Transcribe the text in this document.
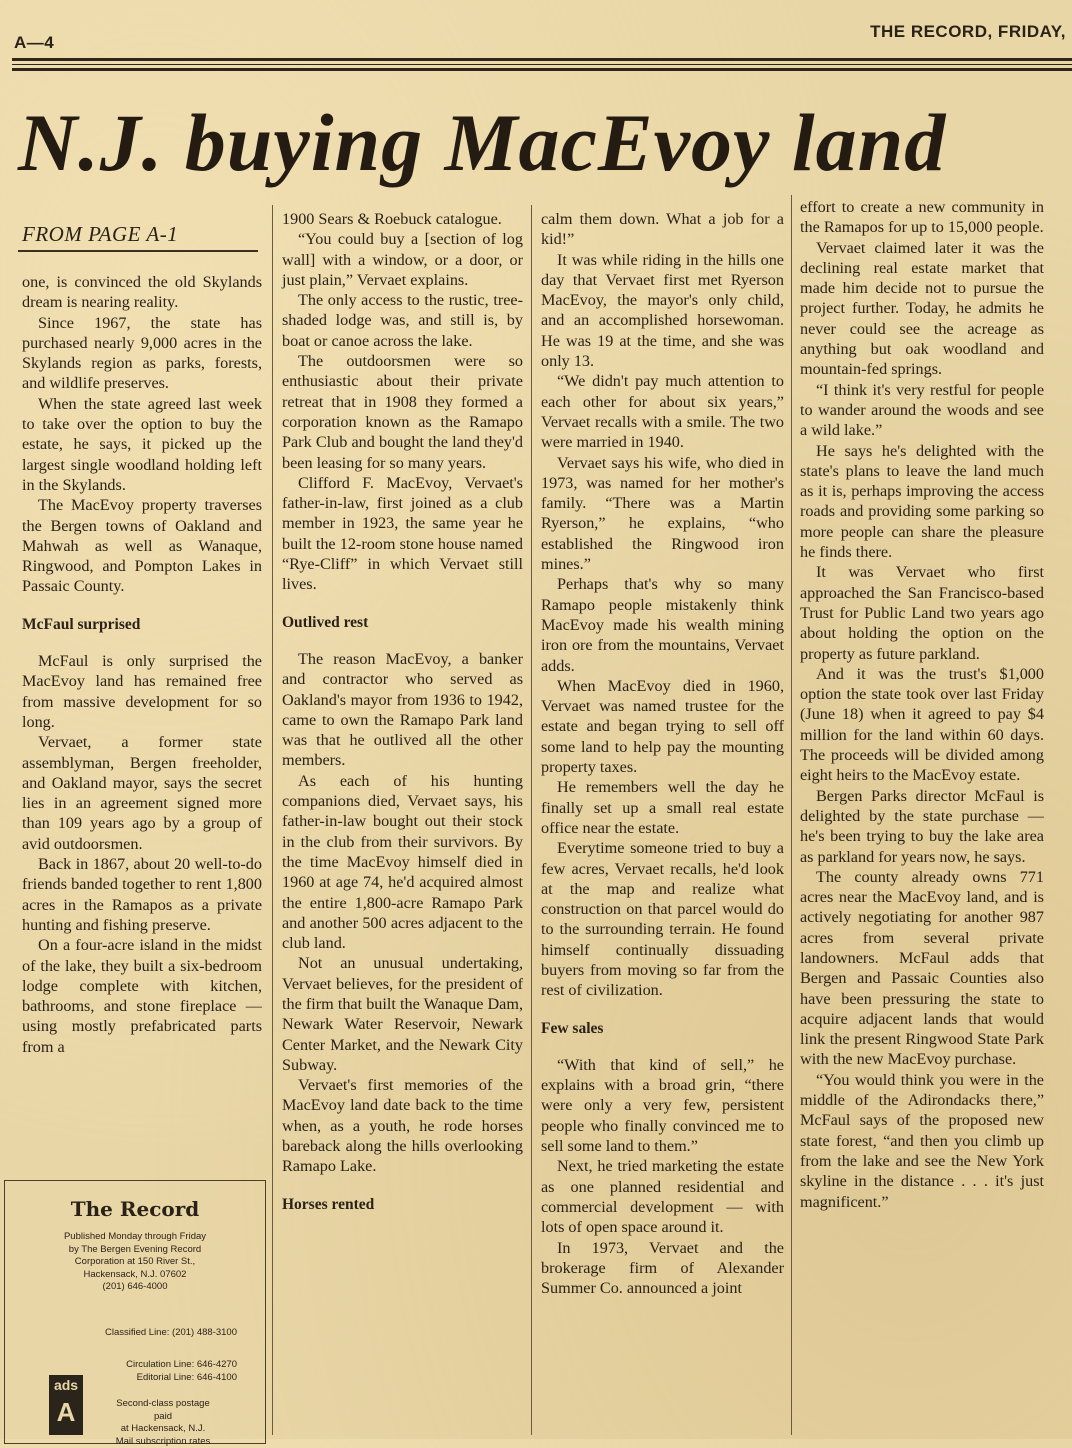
A—4
THE RECORD, FRIDAY,
N.J. buying MacEvoy land
FROM PAGE A-1

one, is convinced the old Skylands dream is nearing reality.

Since 1967, the state has purchased nearly 9,000 acres in the Skylands region as parks, forests, and wildlife preserves.

When the state agreed last week to take over the option to buy the estate, he says, it picked up the largest single woodland holding left in the Skylands.

The MacEvoy property traverses the Bergen towns of Oakland and Mahwah as well as Wanaque, Ringwood, and Pompton Lakes in Passaic County.

McFaul surprised

McFaul is only surprised the MacEvoy land has remained free from massive development for so long.

Vervaet, a former state assemblyman, Bergen freeholder, and Oakland mayor, says the secret lies in an agreement signed more than 109 years ago by a group of avid outdoorsmen.

Back in 1867, about 20 well-to-do friends banded together to rent 1,800 acres in the Ramapos as a private hunting and fishing preserve.

On a four-acre island in the midst of the lake, they built a six-bedroom lodge complete with kitchen, bathrooms, and stone fireplace — using mostly prefabricated parts from a

1900 Sears & Roebuck catalogue.

“You could buy a [section of log wall] with a window, or a door, or just plain,” Vervaet explains.

The only access to the rustic, tree-shaded lodge was, and still is, by boat or canoe across the lake.

The outdoorsmen were so enthusiastic about their private retreat that in 1908 they formed a corporation known as the Ramapo Park Club and bought the land they'd been leasing for so many years.

Clifford F. MacEvoy, Vervaet's father-in-law, first joined as a club member in 1923, the same year he built the 12-room stone house named “Rye-Cliff” in which Vervaet still lives.

Outlived rest

The reason MacEvoy, a banker and contractor who served as Oakland's mayor from 1936 to 1942, came to own the Ramapo Park land was that he outlived all the other members.

As each of his hunting companions died, Vervaet says, his father-in-law bought out their stock in the club from their survivors. By the time MacEvoy himself died in 1960 at age 74, he'd acquired almost the entire 1,800-acre Ramapo Park and another 500 acres adjacent to the club land.

Not an unusual undertaking, Vervaet believes, for the president of the firm that built the Wanaque Dam, Newark Water Reservoir, Newark Center Market, and the Newark City Subway.

Vervaet's first memories of the MacEvoy land date back to the time when, as a youth, he rode horses bareback along the hills overlooking Ramapo Lake.

Horses rented

calm them down. What a job for a kid!”

It was while riding in the hills one day that Vervaet first met Ryerson MacEvoy, the mayor's only child, and an accomplished horsewoman. He was 19 at the time, and she was only 13.

“We didn't pay much attention to each other for about six years,” Vervaet recalls with a smile. The two were married in 1940.

Vervaet says his wife, who died in 1973, was named for her mother's family. “There was a Martin Ryerson,” he explains, “who established the Ringwood iron mines.”

Perhaps that's why so many Ramapo people mistakenly think MacEvoy made his wealth mining iron ore from the mountains, Vervaet adds.

When MacEvoy died in 1960, Vervaet was named trustee for the estate and began trying to sell off some land to help pay the mounting property taxes.

He remembers well the day he finally set up a small real estate office near the estate.

Everytime someone tried to buy a few acres, Vervaet recalls, he'd look at the map and realize what construction on that parcel would do to the surrounding terrain. He found himself continually dissuading buyers from moving so far from the rest of civilization.

Few sales

“With that kind of sell,” he explains with a broad grin, “there were only a very few, persistent people who finally convinced me to sell some land to them.”

Next, he tried marketing the estate as one planned residential and commercial development — with lots of open space around it.

In 1973, Vervaet and the brokerage firm of Alexander Summer Co. announced a joint

effort to create a new community in the Ramapos for up to 15,000 people.

Vervaet claimed later it was the declining real estate market that made him decide not to pursue the project further. Today, he admits he never could see the acreage as anything but oak woodland and mountain-fed springs.

“I think it's very restful for people to wander around the woods and see a wild lake.”

He says he's delighted with the state's plans to leave the land much as it is, perhaps improving the access roads and providing some parking so more people can share the pleasure he finds there.

It was Vervaet who first approached the San Francisco-based Trust for Public Land two years ago about holding the option on the property as future parkland.

And it was the trust's $1,000 option the state took over last Friday (June 18) when it agreed to pay $4 million for the land within 60 days. The proceeds will be divided among eight heirs to the MacEvoy estate.

Bergen Parks director McFaul is delighted by the state purchase — he's been trying to buy the lake area as parkland for years now, he says.

The county already owns 771 acres near the MacEvoy land, and is actively negotiating for another 987 acres from several private landowners. McFaul adds that Bergen and Passaic Counties also have been pressuring the state to acquire adjacent lands that would link the present Ringwood State Park with the new MacEvoy purchase.

“You would think you were in the middle of the Adirondacks there,” McFaul says of the proposed new state forest, “and then you climb up from the lake and see the New York skyline in the distance . . . it's just magnificent.”

The Record
Published Monday through Friday
by The Bergen Evening Record
Corporation at 150 River St.,
Hackensack, N.J. 07602
(201) 646-4000
Classified Line: (201) 488-3100
Circulation Line: 646-4270
Editorial Line: 646-4100
ads
A	Second-class postage paid
at Hackensack, N.J.
Mail subscription rates
